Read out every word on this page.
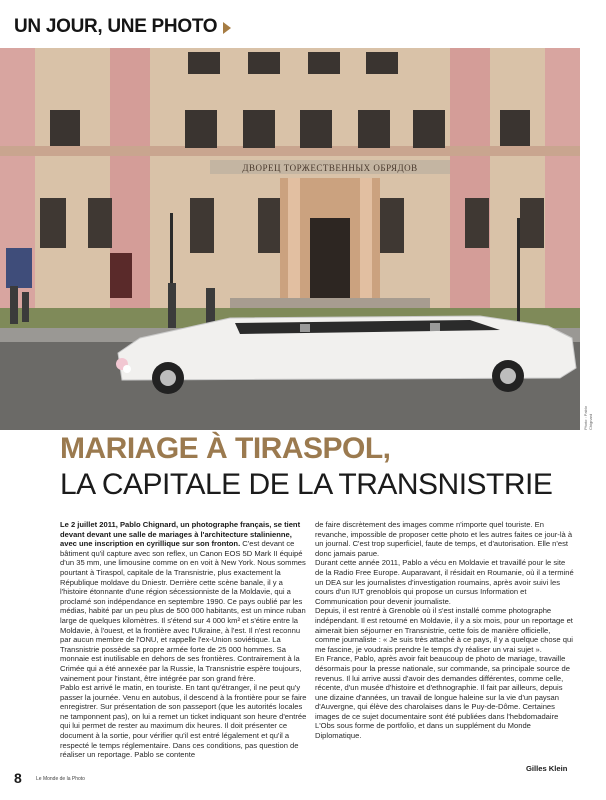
UN JOUR, UNE PHOTO
ДВОРЕЦ ТОРЖЕСТВЕННЫХ ОБРЯДОВ
Photo : Pablo Chignard
MARIAGE À TIRASPOL,
LA CAPITALE DE LA TRANSNISTRIE

Le 2 juillet 2011, Pablo Chignard, un photographe français, se tient devant devant une salle de mariages à l'architecture stalinienne, avec une inscription en cyrillique sur son fronton. C'est devant ce bâtiment qu'il capture avec son reflex, un Canon EOS 5D Mark II équipé d'un 35 mm, une limousine comme on en voit à New York. Nous sommes pourtant à Tiraspol, capitale de la Transnistrie, plus exactement la République moldave du Dniestr. Derrière cette scène banale, il y a l'histoire étonnante d'une région sécessionniste de la Moldavie, qui a proclamé son indépendance en septembre 1990. Ce pays oublié par les médias, habité par un peu plus de 500 000 habitants, est un mince ruban large de quelques kilomètres. Il s'étend sur 4 000 km² et s'étire entre la Moldavie, à l'ouest, et la frontière avec l'Ukraine, à l'est. Il n'est reconnu par aucun membre de l'ONU, et rappelle l'ex-Union soviétique. La Transnistrie possède sa propre armée forte de 25 000 hommes. Sa monnaie est inutilisable en dehors de ses frontières. Contrairement à la Crimée qui a été annexée par la Russie, la Transnistrie espère toujours, vainement pour l'instant, être intégrée par son grand frère.

Pablo est arrivé le matin, en touriste. En tant qu'étranger, il ne peut qu'y passer la journée. Venu en autobus, il descend à la frontière pour se faire enregistrer. Sur présentation de son passeport (que les autorités locales ne tamponnent pas), on lui a remet un ticket indiquant son heure d'entrée qui lui permet de rester au maximum dix heures. Il doit présenter ce document à la sortie, pour vérifier qu'il est entré légalement et qu'il a respecté le temps réglementaire. Dans ces conditions, pas question de réaliser un reportage. Pablo se contente

de faire discrètement des images comme n'importe quel touriste. En revanche, impossible de proposer cette photo et les autres faites ce jour-là à un journal. C'est trop superficiel, faute de temps, et d'autorisation. Elle n'est donc jamais parue.

Durant cette année 2011, Pablo a vécu en Moldavie et travaillé pour le site de la Radio Free Europe. Auparavant, il résidait en Roumanie, où il a terminé un DEA sur les journalistes d'investigation roumains, après avoir suivi les cours d'un IUT grenoblois qui propose un cursus Information et Communication pour devenir journaliste.

Depuis, il est rentré à Grenoble où il s'est installé comme photographe indépendant. Il est retourné en Moldavie, il y a six mois, pour un reportage et aimerait bien séjourner en Transnistrie, cette fois de manière officielle, comme journaliste : « Je suis très attaché à ce pays, il y a quelque chose qui me fascine, je voudrais prendre le temps d'y réaliser un vrai sujet ».

En France, Pablo, après avoir fait beaucoup de photo de mariage, travaille désormais pour la presse nationale, sur commande, sa principale source de revenus. Il lui arrive aussi d'avoir des demandes différentes, comme celle, récente, d'un musée d'histoire et d'ethnographie. Il fait par ailleurs, depuis une dizaine d'années, un travail de longue haleine sur la vie d'un paysan d'Auvergne, qui élève des charolaises dans le Puy-de-Dôme. Certaines images de ce sujet documentaire sont été publiées dans l'hebdomadaire L'Obs sous forme de portfolio, et dans un supplément du Monde Diplomatique.

Gilles Klein
8	Le Monde de la Photo
